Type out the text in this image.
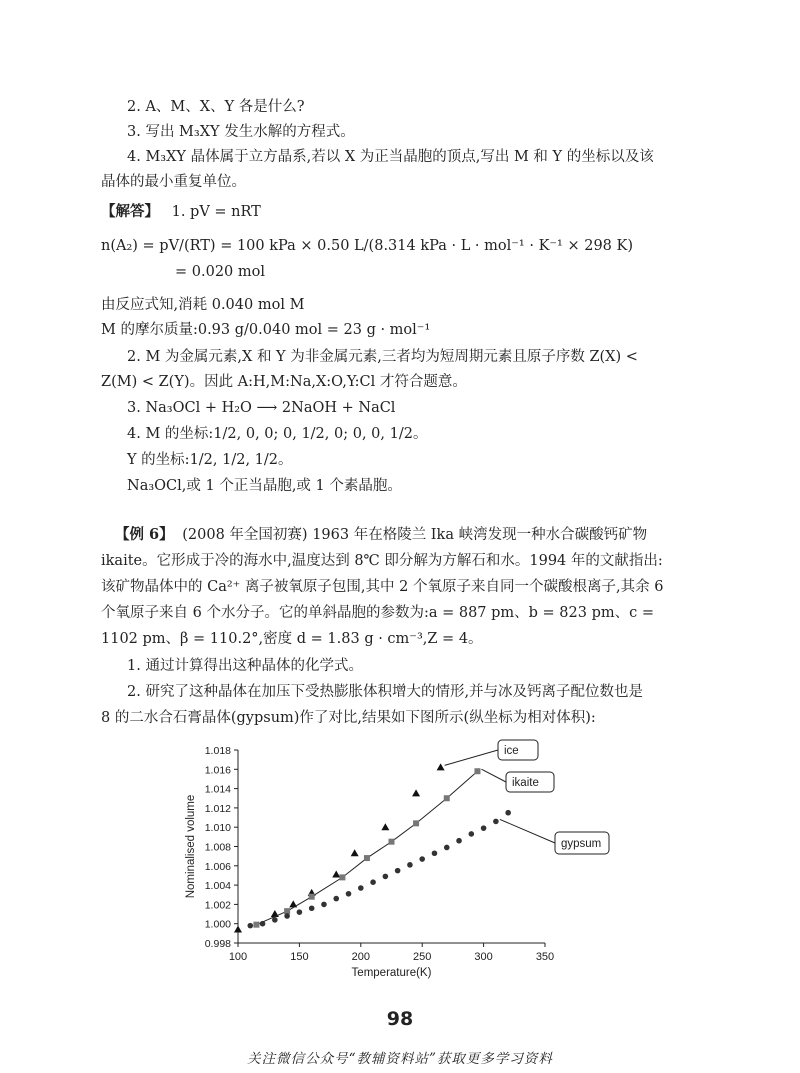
2. A、M、X、Y 各是什么?
3. 写出 M₃XY 发生水解的方程式。
4. M₃XY 晶体属于立方晶系,若以 X 为正当晶胞的顶点,写出 M 和 Y 的坐标以及该
晶体的最小重复单位。
【解答】 1. pV = nRT
n(A₂) = pV/(RT) = 100 kPa × 0.50 L/(8.314 kPa · L · mol⁻¹ · K⁻¹ × 298 K)
= 0.020 mol
由反应式知,消耗 0.040 mol M
M 的摩尔质量:0.93 g/0.040 mol = 23 g · mol⁻¹
2. M 为金属元素,X 和 Y 为非金属元素,三者均为短周期元素且原子序数 Z(X) <
Z(M) < Z(Y)。因此 A:H,M:Na,X:O,Y:Cl 才符合题意。
3. Na₃OCl + H₂O ⟶ 2NaOH + NaCl
4. M 的坐标:1/2, 0, 0; 0, 1/2, 0; 0, 0, 1/2。
Y 的坐标:1/2, 1/2, 1/2。
Na₃OCl,或 1 个正当晶胞,或 1 个素晶胞。
【例 6】 (2008 年全国初赛) 1963 年在格陵兰 Ika 峡湾发现一种水合碳酸钙矿物
ikaite。它形成于冷的海水中,温度达到 8℃ 即分解为方解石和水。1994 年的文献指出:
该矿物晶体中的 Ca²⁺ 离子被氧原子包围,其中 2 个氧原子来自同一个碳酸根离子,其余 6
个氧原子来自 6 个水分子。它的单斜晶胞的参数为:a = 887 pm、b = 823 pm、c =
1102 pm、β = 110.2°,密度 d = 1.83 g · cm⁻³,Z = 4。
1. 通过计算得出这种晶体的化学式。
2. 研究了这种晶体在加压下受热膨胀体积增大的情形,并与冰及钙离子配位数也是
8 的二水合石膏晶体(gypsum)作了对比,结果如下图所示(纵坐标为相对体积):
100	150	200	250	300	350
0.998
1.000
1.002
1.004
1.006
1.008
1.010
1.012
1.014
1.016
1.018
Temperature(K)
Nominalised volume
ice
ikaite
gypsum
98
关注微信公众号“教辅资料站”获取更多学习资料
